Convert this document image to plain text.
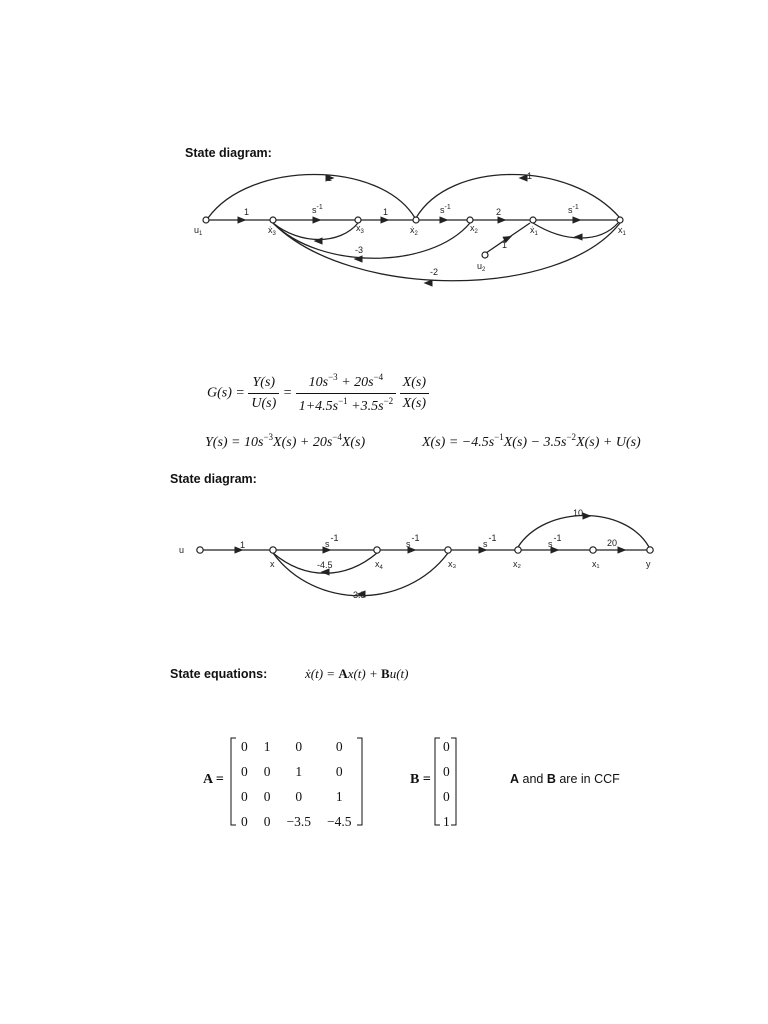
State diagram:
$u_1$	ẋ$_3$
$x_3$	ẋ$_2$
$x_2$	ẋ$_1$	$x_1$
$u_2$
1
1
$s^{-1}$	1	$s^{-1}$	2	$s^{-1}$
-1
1
-3
-2
$G(s) = \frac{Y(s)}{U(s)} = \frac{10s^{-3} + 20s^{-4}}{1+4.5s^{-1} +3.5s^{-2}}$
$\frac{X(s)}{X(s)}$
$Y(s) = 10s^{-3}X(s) + 20s^{-4}X(s)$	$X(s) = -4.5s^{-1}X(s) - 3.5s^{-2}X(s) + U(s)$
State diagram:
u
x	$x_4$	x₃	x₂	x₁	y
1	s-1
s-1
s-1
s-1
-4.5
-3.5
10
20
State equations:	ẋ(t) = Ax(t) + Bu(t)
A =
0	1	0	0
0	0	1	0
0	0	0	1
0	0	−3.5	−4.5
B =
0
0
0
1
A and B are in CCF
